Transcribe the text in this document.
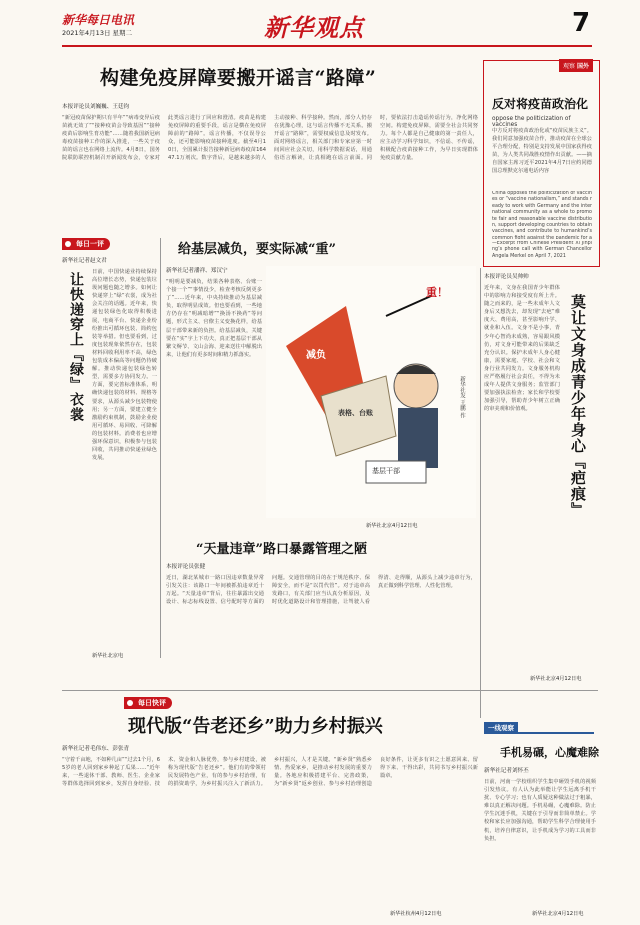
新华每日电讯
2021年4月13日 星期二	新华观点	7
构建免疫屏障要搬开谣言“路障”
本报评论员刘巍巍、王廷钧
“新冠疫苗保护期只有半年”“病毒变异后疫苗就无效了”“接种疫苗会导致基因”“接种疫苗后影响生育功能”……随着我国新冠病毒疫苗接种工作的深入推进，一些关于疫苗的谣言也在网络上流传。4月8日，国务院联防联控机制召开新闻发布会，专家对此类谣言进行了回应和澄清。疫苗是构建免疫屏障的重要手段，谣言是横在免疫屏障前的“路障”。谣言传播，不仅误导公众，还可能影响疫苗接种进度。截至4月10日，全国累计报告接种新冠病毒疫苗16447.1万剂次。数字背后，是越来越多的人主动接种、科学接种。然而，部分人仍存在犹豫心理，这与谣言传播不无关系。搬开谣言“路障”，需要权威信息及时发布。面对网络谣言，相关部门和专家应第一时间回应社会关切，用科学数据说话，用通俗语言解读，让真相跑在谣言前面。同时，要依法打击造谣传谣行为，净化网络空间。构建免疫屏障，需要全社会共同努力。每个人都是自己健康的第一责任人，应主动学习科学知识，不信谣、不传谣，积极配合疫苗接种工作，为早日实现群体免疫贡献力量。
观察 国外
反对将疫苗政治化
oppose the politicization of vaccines
中方反对将疫苗政治化或“疫苗民族主义”。我们同意加强疫苗合作，推动疫苗在全球公平合理分配，特别是支持发展中国家获得疫苗，为人类共同战胜疫情作出贡献。——摘自国家主席习近平2021年4月7日应约同德国总理默克尔通电话内容
China opposes the politicization of vaccines or “vaccine nationalism,” and stands ready to work with Germany and the international community as a whole to promote fair and reasonable vaccine distribution, support developing countries to obtain vaccines, and contribute to humankind’s common fight against the pandemic for a
—Excerpt from Chinese President Xi Jinping’s phone call with German Chancellor Angela Merkel on April 7, 2021
每日一评
新华社记者赵文君
让快递穿上『绿』衣裳	日前，中国快递业持续保持高位增长态势，快递包装垃圾问题也随之增多。如何让快递穿上“绿”衣裳，成为社会关注的话题。近年来，快递包装绿色化取得积极进展，电商平台、快递企业纷纷推出可循环包装、简约包装等举措。但也要看到，过度包装现象依然存在，包装材料回收利用率不高，绿色包装成本偏高等问题仍待破解。推动快递包装绿色转型，需要多方协同发力。一方面，要完善标准体系，明确快递包装的材料、规格等要求，从源头减少包装物使用；另一方面，要建立健全激励约束机制，鼓励企业使用可循环、易回收、可降解的包装材料。消费者也应增强环保意识，积极参与包装回收，共同推动快递业绿色发展。
新华社北京电
给基层减负，要实际减“重”
新华社记者潘祥、郑汉宁
“明明是要减负，结果各种表格、台账一个接一个”“事情没少，检查考核反倒更多了”……近年来，中央持续推动为基层减负，取得明显成效。但也要看到，一些地方仍存在“明减暗增”“换汤不换药”等问题，形式主义、官僚主义变换花样，给基层干部带来新的负担。给基层减负，关键要在“实”字上下功夫，真正把基层干部从繁文缛节、文山会海、迎来送往中解脱出来，让他们有更多时间和精力抓落实。
重！
减负
表格、台账
基层干部
新华社发 王鹏 作
新华社北京4月12日电
本报评论员吴帅帅
近年来，文身在我国青少年群体中的影响力和接受度有所上升。随之而来的，是一些未成年人文身后又想洗去，却发现“去疤”难度大、费用高，甚至影响升学、就业和入伍。文身不是小事，青少年心智尚未成熟，容易跟风模仿，对文身可能带来的后果缺乏充分认识。保护未成年人身心健康，需要家庭、学校、社会和文身行业共同发力。文身服务机构应严格履行社会责任，不得为未成年人提供文身服务；监管部门要加强执法检查；家长和学校要加强引导，帮助青少年树立正确的审美观和价值观。	莫让文身成青少年身心『疤痕』
新华社北京4月12日电
“天量违章”路口暴露管理之陋
本报评论员张健
近日，湖北某城市一路口因违章数量异常引发关注：该路口一年间被抓拍违章近十万起。“天量违章”背后，往往暴露出交通设计、标志标线设置、信号配时等方面的问题。交通管理的目的在于规范秩序、保障安全，而不是“以罚代管”。对于违章高发路口，有关部门应当认真分析原因，及时优化道路设计和管理措施，让驾驶人看得清、走得顺，从源头上减少违章行为，真正做到科学管理、人性化管理。
每日快评
现代版“告老还乡”助力乡村振兴
新华社记者毛伟东、彭张青
“守着千亩地，不如种几亩”“过去1个月，65岁的老人回到家乡种起了瓜果……”近年来，一些退休干部、教师、医生、企业家等群体选择回到家乡，发挥自身经验、技术、资金和人脉优势，参与乡村建设，被称为现代版“告老还乡”。他们有的带领村民发展特色产业，有的参与乡村治理，有的捐资助学，为乡村振兴注入了新活力。乡村振兴，人才是关键。“新乡贤”熟悉乡情、热爱家乡，是推动乡村发展的重要力量。各地应积极搭建平台、完善政策，为“新乡贤”返乡创业、参与乡村治理创造良好条件，让更多有识之士愿意回来、留得下来、干得出彩，共同书写乡村振兴新篇章。
新华社杭州4月12日电
一线观察
手机易碾，心魔难除
新华社记者刘怀丕
日前，河南一学校组织学生集中砸毁手机的视频引发热议。有人认为此举能让学生远离手机干扰、专心学习；也有人质疑这种做法过于粗暴，难以真正解决问题。手机易碾，心魔难除。防止学生沉迷手机，关键在于引导而非简单禁止。学校和家长应加强沟通，帮助学生科学合理使用手机，培养自律意识，让手机成为学习的工具而非负担。
新华社北京4月12日电
